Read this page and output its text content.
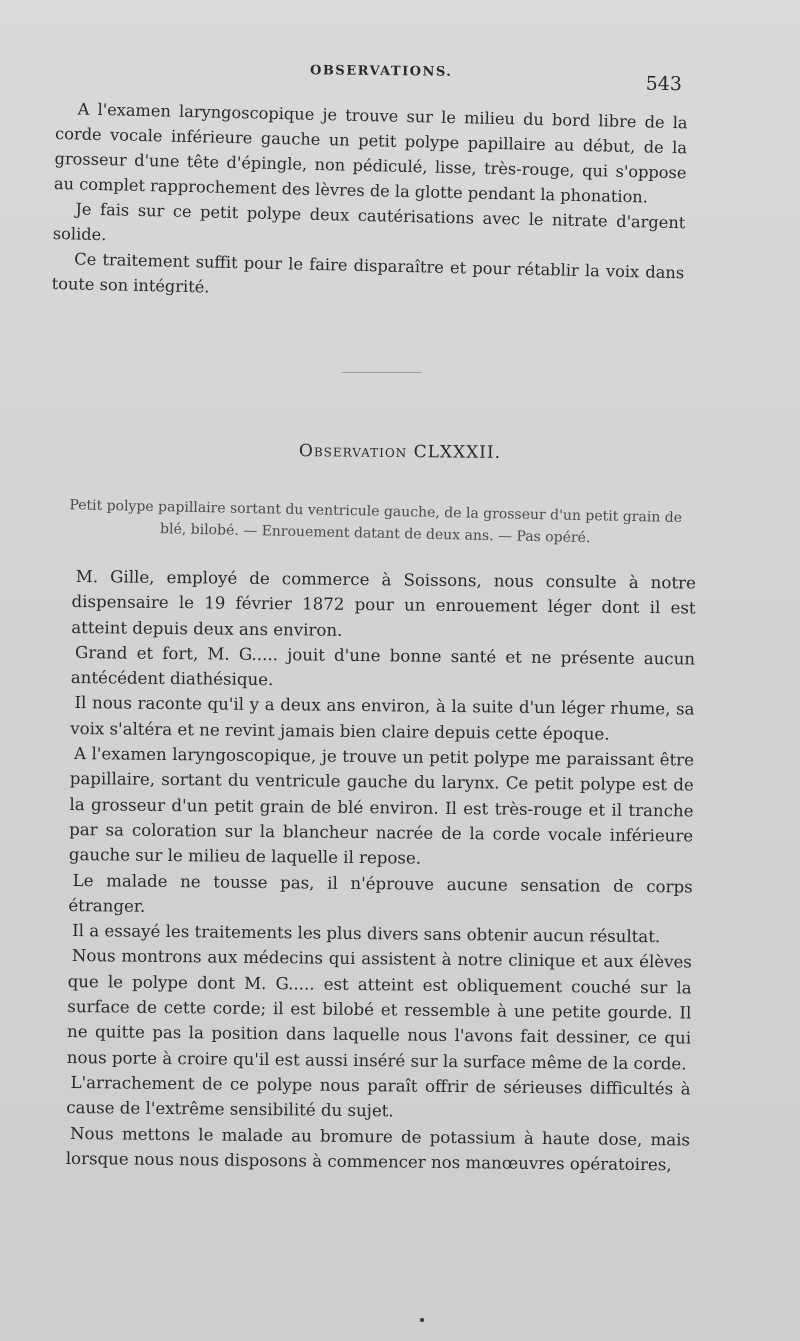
OBSERVATIONS.
543

A l'examen laryngoscopique je trouve sur le milieu du bord libre de la corde vocale inférieure gauche un petit polype papillaire au début, de la grosseur d'une tête d'épingle, non pédiculé, lisse, très-rouge, qui s'oppose au complet rapprochement des lèvres de la glotte pendant la phonation.

Je fais sur ce petit polype deux cautérisations avec le nitrate d'argent solide.

Ce traitement suffit pour le faire disparaître et pour rétablir la voix dans toute son intégrité.

Observation CLXXXII.
Petit polype papillaire sortant du ventricule gauche, de la grosseur d'un petit grain de blé, bilobé. — Enrouement datant de deux ans. — Pas opéré.

M. Gille, employé de commerce à Soissons, nous consulte à notre dispensaire le 19 février 1872 pour un enrouement léger dont il est atteint depuis deux ans environ.

Grand et fort, M. G..... jouit d'une bonne santé et ne présente aucun antécédent diathésique.

Il nous raconte qu'il y a deux ans environ, à la suite d'un léger rhume, sa voix s'altéra et ne revint jamais bien claire depuis cette époque.

A l'examen laryngoscopique, je trouve un petit polype me paraissant être papillaire, sortant du ventricule gauche du larynx. Ce petit polype est de la grosseur d'un petit grain de blé environ. Il est très-rouge et il tranche par sa coloration sur la blancheur nacrée de la corde vocale inférieure gauche sur le milieu de laquelle il repose.

Le malade ne tousse pas, il n'éprouve aucune sensation de corps étranger.

Il a essayé les traitements les plus divers sans obtenir aucun résultat.

Nous montrons aux médecins qui assistent à notre clinique et aux élèves que le polype dont M. G..... est atteint est obliquement couché sur la surface de cette corde; il est bilobé et ressemble à une petite gourde. Il ne quitte pas la position dans laquelle nous l'avons fait dessiner, ce qui nous porte à croire qu'il est aussi inséré sur la surface même de la corde.

L'arrachement de ce polype nous paraît offrir de sérieuses difficultés à cause de l'extrême sensibilité du sujet.

Nous mettons le malade au bromure de potassium à haute dose, mais lorsque nous nous disposons à commencer nos manœuvres opératoires,
